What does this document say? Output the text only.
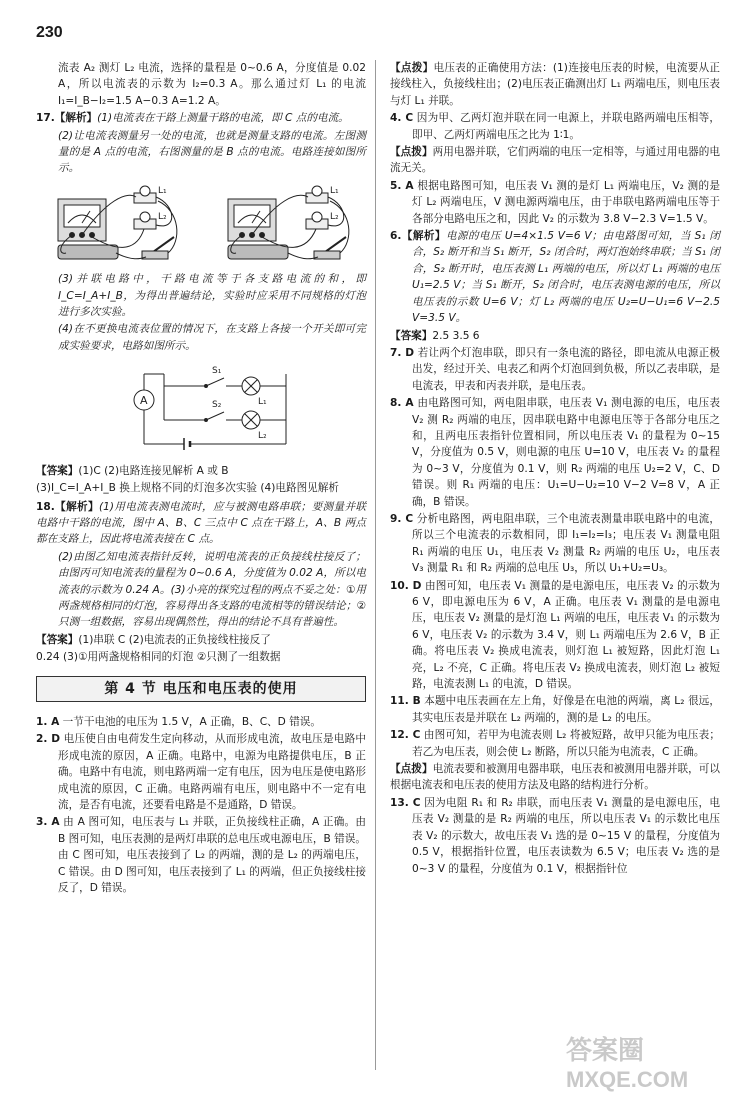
230

流表 A₂ 测灯 L₂ 电流，选择的量程是 0~0.6 A，分度值是 0.02 A，所以电流表的示数为 I₂=0.3 A。那么通过灯 L₁ 的电流 I₁=I_B−I₂=1.5 A−0.3 A=1.2 A。

17.【解析】(1)电流表在干路上测量干路的电流，即 C 点的电流。

(2)让电流表测量另一处的电流，也就是测量支路的电流。左图测量的是 A 点的电流，右图测量的是 B 点的电流。电路连接如图所示。

L₁
L₂
L₁
L₂

(3)并联电路中，干路电流等于各支路电流的和，即 I_C=I_A+I_B，为得出普遍结论，实验时应采用不同规格的灯泡进行多次实验。

(4)在不更换电流表位置的情况下，在支路上各接一个开关即可完成实验要求，电路如图所示。

A
S₁
S₂	L₁
L₂

【答案】(1)C (2)电路连接见解析 A 或 B

(3)I_C=I_A+I_B 换上规格不同的灯泡多次实验 (4)电路图见解析

18.【解析】(1)用电流表测电流时，应与被测电路串联；要测量并联电路中干路的电流，图中 A、B、C 三点中 C 点在干路上，A、B 两点都在支路上，因此将电流表接在 C 点。

(2)由图乙知电流表指针反转，说明电流表的正负接线柱接反了；由图丙可知电流表的量程为 0~0.6 A，分度值为 0.02 A，所以电流表的示数为 0.24 A。(3)小亮的探究过程的两点不妥之处：①用两盏规格相同的灯泡，容易得出各支路的电流相等的错误结论；②只测一组数据，容易出现偶然性，得出的结论不具有普遍性。

【答案】(1)串联 C (2)电流表的正负接线柱接反了

0.24 (3)①用两盏规格相同的灯泡 ②只测了一组数据

第 4 节 电压和电压表的使用

1. A 一节干电池的电压为 1.5 V，A 正确，B、C、D 错误。

2. D 电压使自由电荷发生定向移动，从而形成电流，故电压是电路中形成电流的原因，A 正确。电路中，电源为电路提供电压，B 正确。电路中有电流，则电路两端一定有电压，因为电压是使电路形成电流的原因，C 正确。电路两端有电压，则电路中不一定有电流，是否有电流，还要看电路是不是通路，D 错误。

3. A 由 A 图可知，电压表与 L₁ 并联，正负接线柱正确，A 正确。由 B 图可知，电压表测的是两灯串联的总电压或电源电压，B 错误。由 C 图可知，电压表接到了 L₂ 的两端，测的是 L₂ 的两端电压，C 错误。由 D 图可知，电压表接到了 L₁ 的两端，但正负接线柱接反了，D 错误。

【点拨】电压表的正确使用方法：(1)连接电压表的时候，电流要从正接线柱入，负接线柱出；(2)电压表正确测出灯 L₁ 两端电压，则电压表与灯 L₁ 并联。

4. C 因为甲、乙两灯泡并联在同一电源上，并联电路两端电压相等，即甲、乙两灯两端电压之比为 1∶1。

【点拨】两用电器并联，它们两端的电压一定相等，与通过用电器的电流无关。

5. A 根据电路图可知，电压表 V₁ 测的是灯 L₁ 两端电压，V₂ 测的是灯 L₂ 两端电压，V 测电源两端电压，由于串联电路两端电压等于各部分电路电压之和，因此 V₂ 的示数为 3.8 V−2.3 V=1.5 V。

6.【解析】电源的电压 U=4×1.5 V=6 V；由电路图可知，当 S₁ 闭合，S₂ 断开和当 S₁ 断开，S₂ 闭合时，两灯泡始终串联；当 S₁ 闭合，S₂ 断开时，电压表测 L₁ 两端的电压，所以灯 L₁ 两端的电压 U₁=2.5 V；当 S₁ 断开，S₂ 闭合时，电压表测电源的电压，所以电压表的示数 U=6 V；灯 L₂ 两端的电压 U₂=U−U₁=6 V−2.5 V=3.5 V。

【答案】2.5 3.5 6

7. D 若让两个灯泡串联，即只有一条电流的路径，即电流从电源正极出发，经过开关、电表乙和两个灯泡回到负极，所以乙表串联，是电流表，甲表和丙表并联，是电压表。

8. A 由电路图可知，两电阻串联，电压表 V₁ 测电源的电压，电压表 V₂ 测 R₂ 两端的电压，因串联电路中电源电压等于各部分电压之和，且两电压表指针位置相同，所以电压表 V₁ 的量程为 0~15 V，分度值为 0.5 V，则电源的电压 U=10 V，电压表 V₂ 的量程为 0~3 V，分度值为 0.1 V，则 R₂ 两端的电压 U₂=2 V，C、D 错误。则 R₁ 两端的电压：U₁=U−U₂=10 V−2 V=8 V，A 正确，B 错误。

9. C 分析电路图，两电阻串联，三个电流表测量串联电路中的电流，所以三个电流表的示数相同，即 I₁=I₂=I₃；电压表 V₁ 测量电阻 R₁ 两端的电压 U₁，电压表 V₂ 测量 R₂ 两端的电压 U₂，电压表 V₃ 测量 R₁ 和 R₂ 两端的总电压 U₃，所以 U₁+U₂=U₃。

10. D 由图可知，电压表 V₁ 测量的是电源电压，电压表 V₂ 的示数为 6 V，即电源电压为 6 V，A 正确。电压表 V₁ 测量的是电源电压，电压表 V₂ 测量的是灯泡 L₁ 两端的电压，电压表 V₁ 的示数为 6 V，电压表 V₂ 的示数为 3.4 V，则 L₁ 两端电压为 2.6 V，B 正确。将电压表 V₂ 换成电流表，则灯泡 L₁ 被短路，因此灯泡 L₁ 亮，L₂ 不亮，C 正确。将电压表 V₂ 换成电流表，则灯泡 L₂ 被短路，电流表测 L₁ 的电流，D 错误。

11. B 本题中电压表画在左上角，好像是在电池的两端，离 L₂ 很远，其实电压表是并联在 L₂ 两端的，测的是 L₂ 的电压。

12. C 由图可知，若甲为电流表则 L₂ 将被短路，故甲只能为电压表；若乙为电压表，则会使 L₂ 断路，所以只能为电流表，C 正确。

【点拨】电流表要和被测用电器串联，电压表和被测用电器并联，可以根据电流表和电压表的使用方法及电路的结构进行分析。

13. C 因为电阻 R₁ 和 R₂ 串联，而电压表 V₁ 测量的是电源电压，电压表 V₂ 测量的是 R₂ 两端的电压，所以电压表 V₁ 的示数比电压表 V₂ 的示数大，故电压表 V₁ 选的是 0~15 V 的量程，分度值为 0.5 V，根据指针位置，电压表读数为 6.5 V；电压表 V₂ 选的是 0~3 V 的量程，分度值为 0.1 V，根据指针位

答案圈
MXQE.COM
